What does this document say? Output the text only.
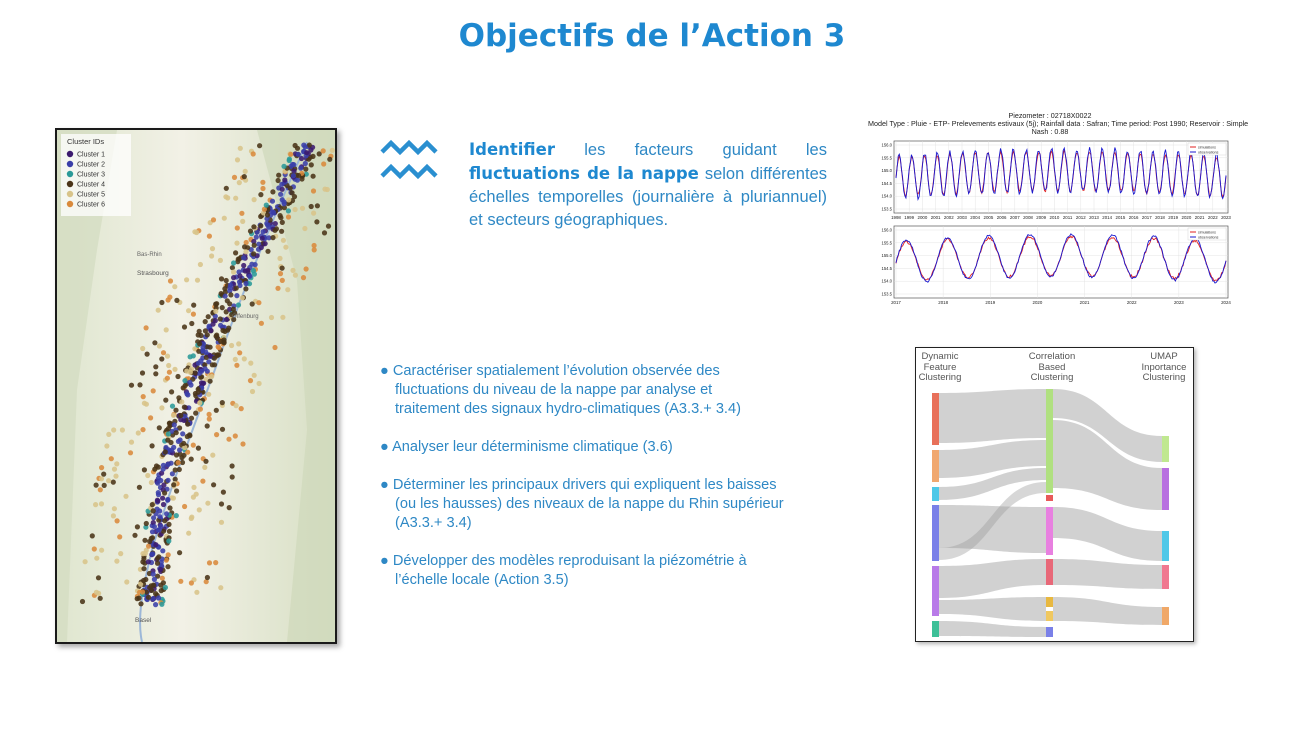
Objectifs de l’Action 3
Cluster IDs
Cluster 1
Cluster 2
Cluster 3
Cluster 4
Cluster 5
Cluster 6
Strasbourg
Bas-Rhin
Offenburg
Basel
Identifier les facteurs guidant les fluctuations de la nappe selon différentes échelles temporelles (journalière à pluriannuel) et secteurs géographiques.

● Caractériser spatialement l’évolution observée des

fluctuations du niveau de la nappe par analyse et
traitement des signaux hydro-climatiques (A3.3.+ 3.4)

● Analyser leur déterminisme climatique (3.6)

● Déterminer les principaux drivers qui expliquent les baisses

(ou les hausses) des niveaux de la nappe du Rhin supérieur
(A3.3.+ 3.4)

● Développer des modèles reproduisant la piézométrie à

l’échelle locale (Action 3.5)

Piezometer : 02718X0022
Model Type : Pluie - ETP- Prelevements estivaux (5j); Rainfall data : Safran; Time period: Post 1990; Reservoir : Simple
Nash : 0.88
1998 1999 2000 2001 2002 2003 2004 2005 2006 2007 2008 2009 2010 2011 2012 2013 2014 2015 2016 2017 2018 2019 2020 2021 2022 2023
156.0
155.5
155.0
154.5
154.0
153.5
simulations
observations
2017	2018	2019	2020	2021	2022	2023	2024
156.0
155.5
155.0
154.5
154.0
153.5
simulations
observations
Dynamic Feature Clustering
Correlation Based Clustering
UMAP Inportance Clustering
